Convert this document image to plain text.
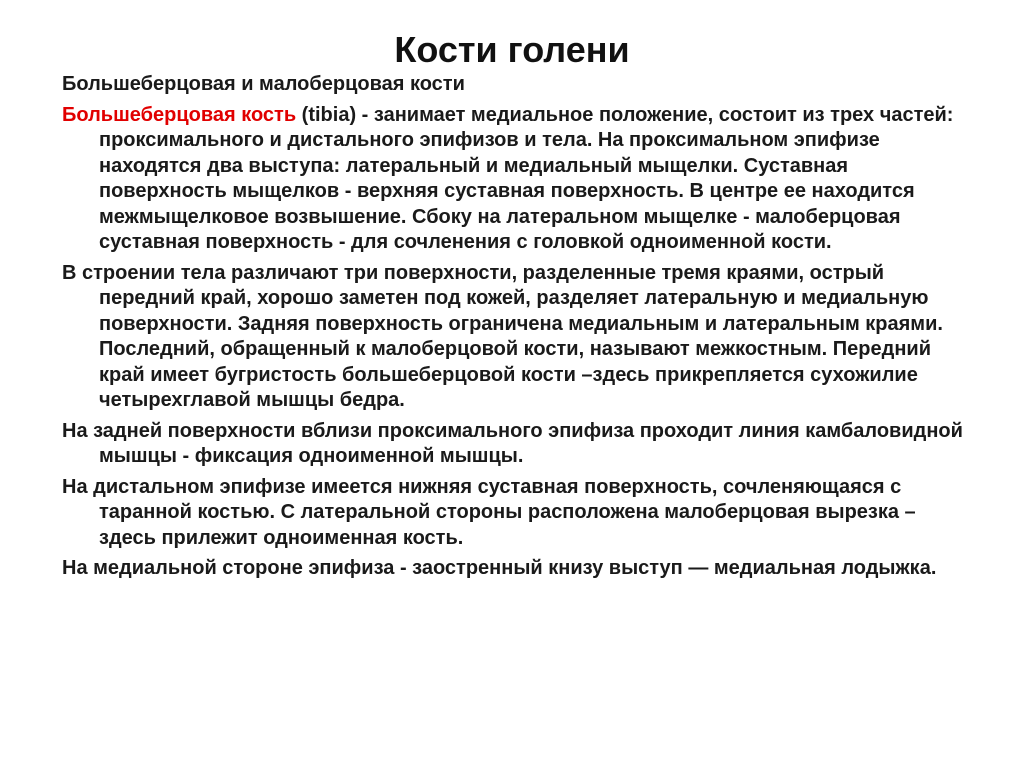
Кости голени

Большеберцовая и малоберцовая кости

Большеберцовая кость (tibia) - занимает медиальное положение, состоит из трех частей: проксимального и дистального эпифизов и тела. На проксимальном эпифизе находятся два выступа: латеральный и медиальный мыщелки. Суставная поверхность мыщелков - верхняя суставная поверхность. В центре ее находится межмыщелковое возвышение. Сбоку на латеральном мыщелке - малоберцовая суставная поверхность - для сочленения с головкой одноименной кости.

В строении тела различают три поверхности, разделенные тремя краями, острый передний край, хорошо заметен под кожей, разделяет латеральную и медиальную поверхности. Задняя поверхность ограничена медиальным и латеральным краями. Последний, обращенный к малоберцовой кости, называют межкостным. Передний край имеет бугристость большеберцовой кости –здесь прикрепляется сухожилие четырехглавой мышцы бедра.

На задней поверхности вблизи проксимального эпифиза проходит линия камбаловидной мышцы - фиксация одноименной мышцы.

На дистальном эпифизе имеется нижняя суставная поверхность, сочленяющаяся с таранной костью. С латеральной стороны расположена малоберцовая вырезка – здесь прилежит одноименная кость.

На медиальной стороне эпифиза - заостренный книзу выступ — медиальная лодыжка.
